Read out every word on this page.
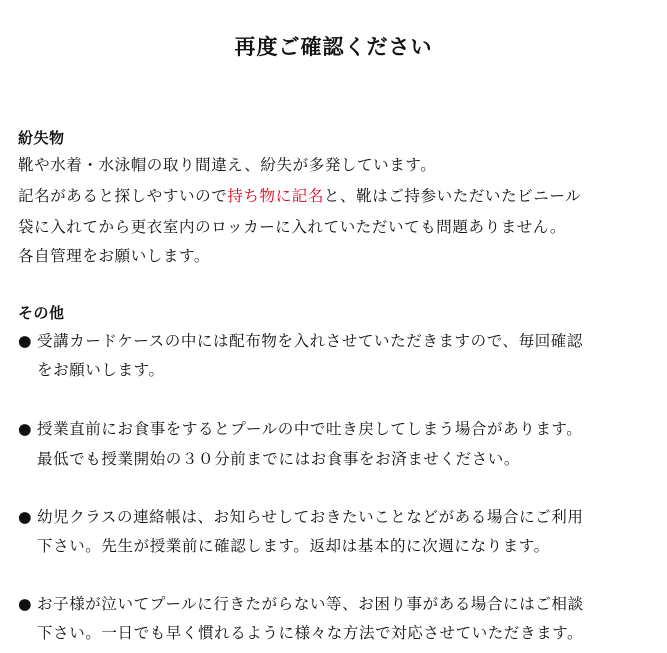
再度ご確認ください
紛失物
靴や水着・水泳帽の取り間違え、紛失が多発しています。
記名があると探しやすいので持ち物に記名と、靴はご持参いただいたビニール
袋に入れてから更衣室内のロッカーに入れていただいても問題ありません。
各自管理をお願いします。
その他
● 受講カードケースの中には配布物を入れさせていただきますので、毎回確認
をお願いします。
● 授業直前にお食事をするとプールの中で吐き戻してしまう場合があります。
最低でも授業開始の３０分前までにはお食事をお済ませください。
● 幼児クラスの連絡帳は、お知らせしておきたいことなどがある場合にご利用
下さい。先生が授業前に確認します。返却は基本的に次週になります。
● お子様が泣いてプールに行きたがらない等、お困り事がある場合にはご相談
下さい。一日でも早く慣れるように様々な方法で対応させていただきます。
